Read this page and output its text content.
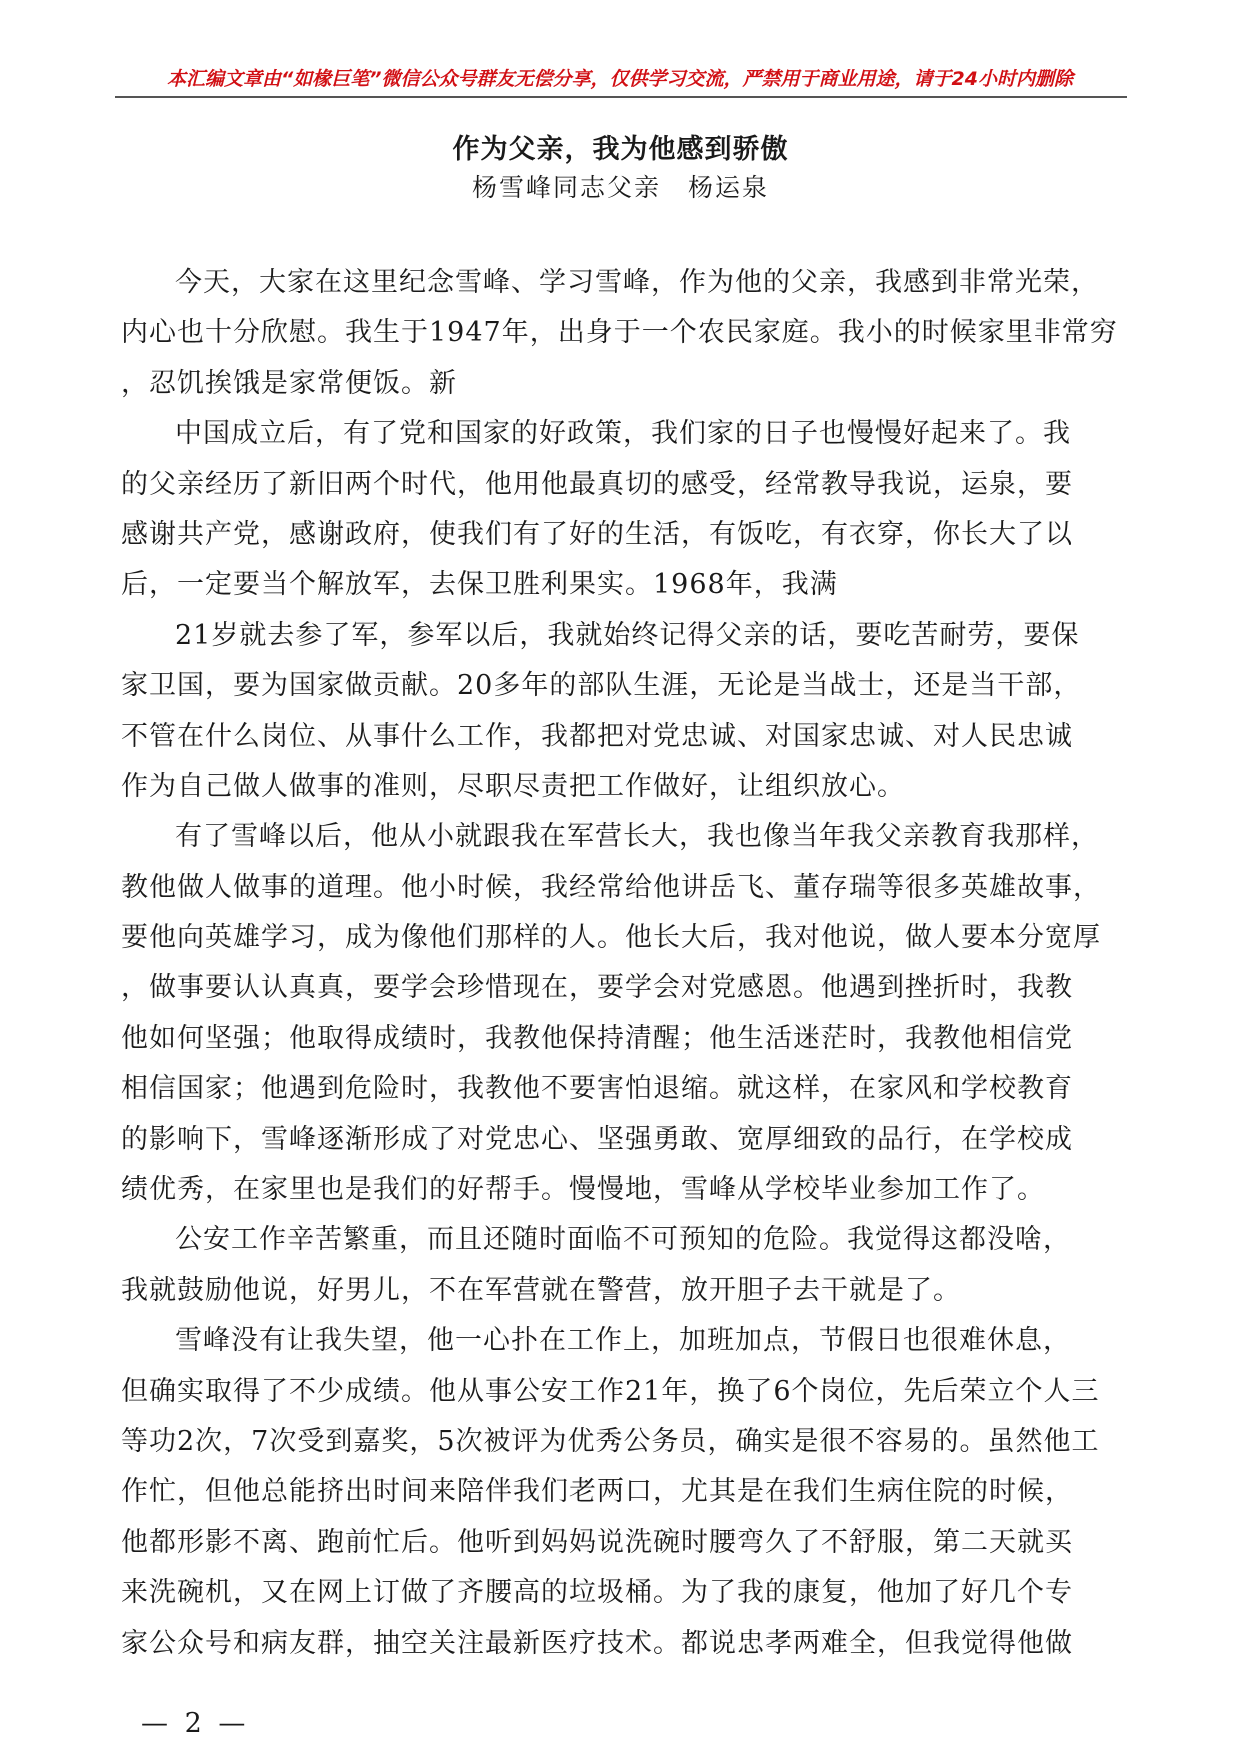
本汇编文章由“如椽巨笔”微信公众号群友无偿分享，仅供学习交流，严禁用于商业用途，请于24小时内删除
作为父亲，我为他感到骄傲
杨雪峰同志父亲　杨运泉
今天，大家在这里纪念雪峰、学习雪峰，作为他的父亲，我感到非常光荣，
内心也十分欣慰。我生于1947年，出身于一个农民家庭。我小的时候家里非常穷
，忍饥挨饿是家常便饭。新
中国成立后，有了党和国家的好政策，我们家的日子也慢慢好起来了。我
的父亲经历了新旧两个时代，他用他最真切的感受，经常教导我说，运泉，要
感谢共产党，感谢政府，使我们有了好的生活，有饭吃，有衣穿，你长大了以
后，一定要当个解放军，去保卫胜利果实。1968年，我满
21岁就去参了军，参军以后，我就始终记得父亲的话，要吃苦耐劳，要保
家卫国，要为国家做贡献。20多年的部队生涯，无论是当战士，还是当干部，
不管在什么岗位、从事什么工作，我都把对党忠诚、对国家忠诚、对人民忠诚
作为自己做人做事的准则，尽职尽责把工作做好，让组织放心。
有了雪峰以后，他从小就跟我在军营长大，我也像当年我父亲教育我那样，
教他做人做事的道理。他小时候，我经常给他讲岳飞、董存瑞等很多英雄故事，
要他向英雄学习，成为像他们那样的人。他长大后，我对他说，做人要本分宽厚
，做事要认认真真，要学会珍惜现在，要学会对党感恩。他遇到挫折时，我教
他如何坚强；他取得成绩时，我教他保持清醒；他生活迷茫时，我教他相信党
相信国家；他遇到危险时，我教他不要害怕退缩。就这样，在家风和学校教育
的影响下，雪峰逐渐形成了对党忠心、坚强勇敢、宽厚细致的品行，在学校成
绩优秀，在家里也是我们的好帮手。慢慢地，雪峰从学校毕业参加工作了。
公安工作辛苦繁重，而且还随时面临不可预知的危险。我觉得这都没啥，
我就鼓励他说，好男儿，不在军营就在警营，放开胆子去干就是了。
雪峰没有让我失望，他一心扑在工作上，加班加点，节假日也很难休息，
但确实取得了不少成绩。他从事公安工作21年，换了6个岗位，先后荣立个人三
等功2次，7次受到嘉奖，5次被评为优秀公务员，确实是很不容易的。虽然他工
作忙，但他总能挤出时间来陪伴我们老两口，尤其是在我们生病住院的时候，
他都形影不离、跑前忙后。他听到妈妈说洗碗时腰弯久了不舒服，第二天就买
来洗碗机，又在网上订做了齐腰高的垃圾桶。为了我的康复，他加了好几个专
家公众号和病友群，抽空关注最新医疗技术。都说忠孝两难全，但我觉得他做
— 2 —
